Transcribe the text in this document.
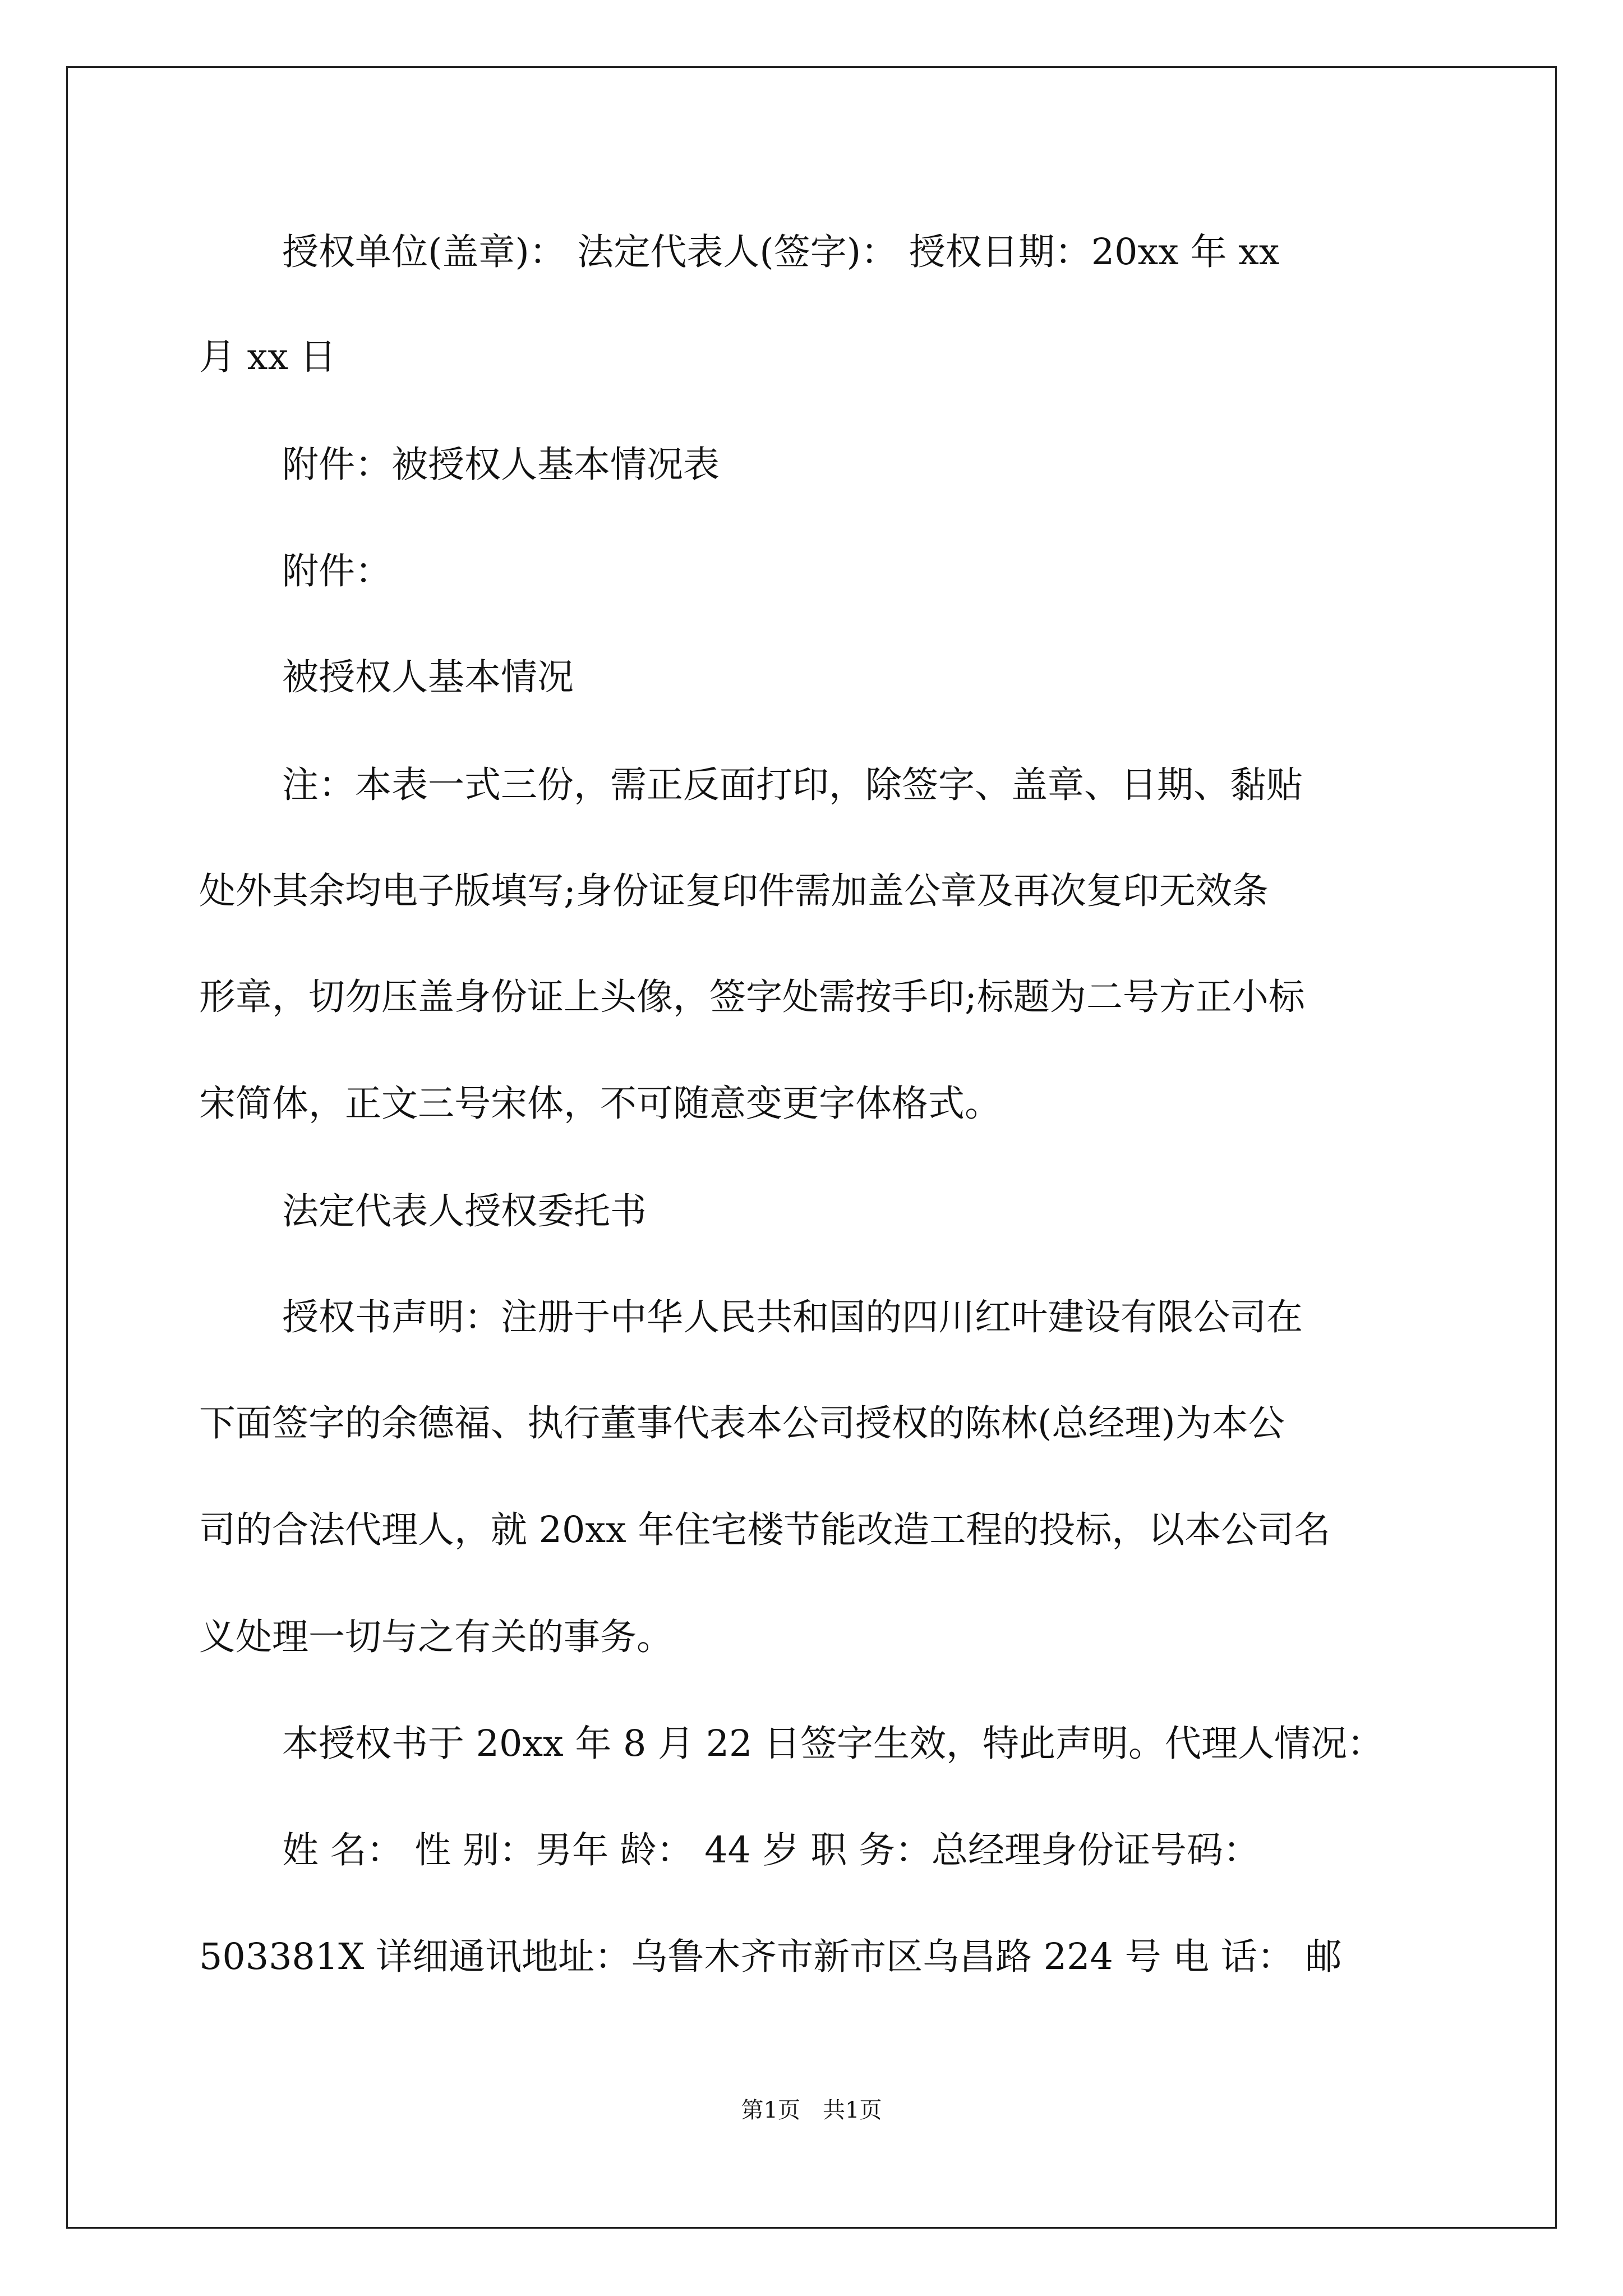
授权单位(盖章)： 法定代表人(签字)： 授权日期：20xx 年 xx
月 xx 日
附件：被授权人基本情况表
附件：
被授权人基本情况
注：本表一式三份，需正反面打印，除签字、盖章、日期、黏贴
处外其余均电子版填写;身份证复印件需加盖公章及再次复印无效条
形章，切勿压盖身份证上头像，签字处需按手印;标题为二号方正小标
宋简体，正文三号宋体，不可随意变更字体格式。
法定代表人授权委托书
授权书声明：注册于中华人民共和国的四川红叶建设有限公司在
下面签字的余德福、执行董事代表本公司授权的陈林(总经理)为本公
司的合法代理人，就 20xx 年住宅楼节能改造工程的投标，以本公司名
义处理一切与之有关的事务。
本授权书于 20xx 年 8 月 22 日签字生效，特此声明。代理人情况：
姓 名： 性 别：男年 龄： 44 岁 职 务：总经理身份证号码：
503381X 详细通讯地址：乌鲁木齐市新市区乌昌路 224 号 电 话： 邮
第1页　共1页
